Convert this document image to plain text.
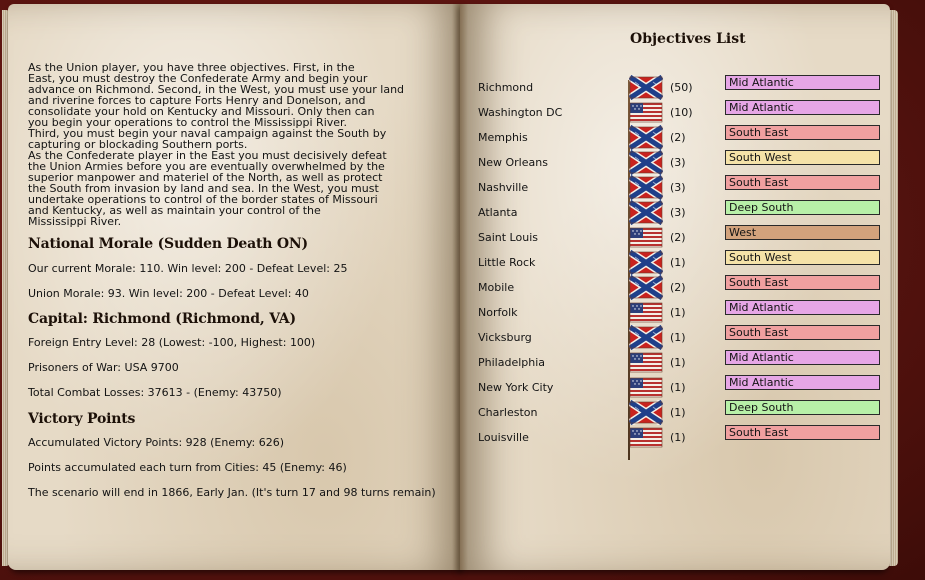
As the Union player, you have three objectives. First, in the
East, you must destroy the Confederate Army and begin your
advance on Richmond. Second, in the West, you must use your land
and riverine forces to capture Forts Henry and Donelson, and
consolidate your hold on Kentucky and Missouri. Only then can
you begin your operations to control the Mississippi River.
Third, you must begin your naval campaign against the South by
capturing or blockading Southern ports.
As the Confederate player in the East you must decisively defeat
the Union Armies before you are eventually overwhelmed by the
superior manpower and materiel of the North, as well as protect
the South from invasion by land and sea. In the West, you must
undertake operations to control of the border states of Missouri
and Kentucky, as well as maintain your control of the
Mississippi River.

National Morale (Sudden Death ON)
Our current Morale: 110. Win level: 200 - Defeat Level: 25
Union Morale: 93. Win level: 200 - Defeat Level: 40
Capital: Richmond (Richmond, VA)
Foreign Entry Level: 28 (Lowest: -100, Highest: 100)
Prisoners of War: USA 9700
Total Combat Losses: 37613 - (Enemy: 43750)
Victory Points
Accumulated Victory Points: 928 (Enemy: 626)
Points accumulated each turn from Cities: 45 (Enemy: 46)
The scenario will end in 1866, Early Jan. (It's turn 17 and 98 turns remain)
Objectives List
Richmond	(50)	Mid Atlantic
Washington DC	(10)	Mid Atlantic
Memphis	(2)	South East
New Orleans	(3)	South West
Nashville	(3)	South East
Atlanta	(3)	Deep South
Saint Louis	(2)	West
Little Rock	(1)	South West
Mobile	(2)	South East
Norfolk	(1)	Mid Atlantic
Vicksburg	(1)	South East
Philadelphia	(1)	Mid Atlantic
New York City	(1)	Mid Atlantic
Charleston	(1)	Deep South
Louisville	(1)	South East
